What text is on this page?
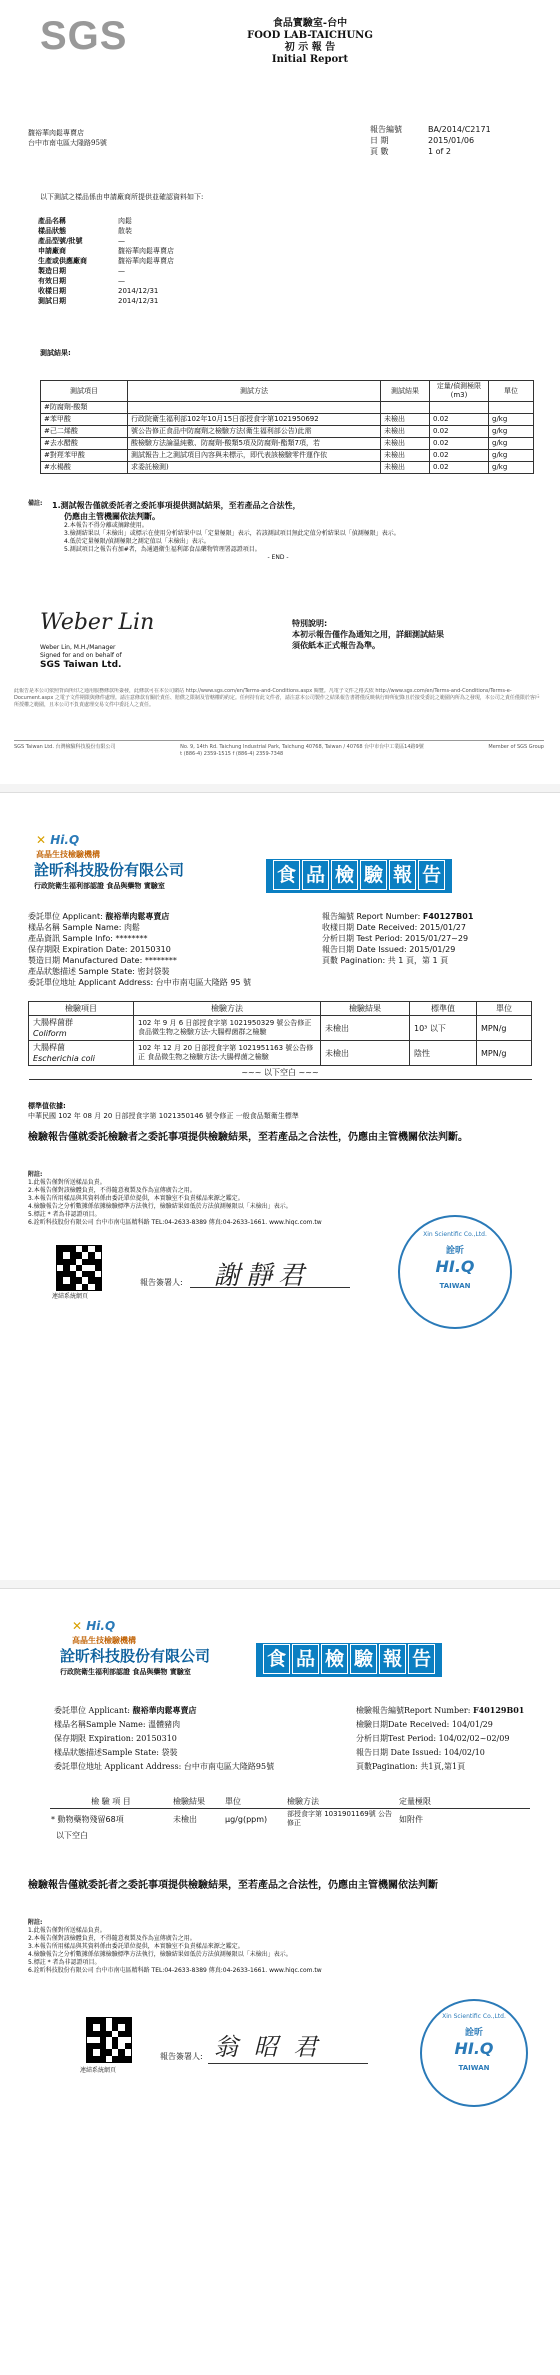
SGS	食品實驗室-台中
FOOD LAB-TAICHUNG
初 示 報 告
Initial Report
馥裕華肉鬆專賣店
台中市南屯區大隆路95號
報告編號	BA/2014/C2171
日 期	2015/01/06
頁 數	1 of 2
以下測試之樣品係由申請廠商所提供並確認資料如下:
產品名稱	肉鬆
樣品狀態	散裝
產品型號/批號	—
申請廠商	馥裕華肉鬆專賣店
生產或供應廠商	馥裕華肉鬆專賣店
製造日期	—
有效日期	—
收樣日期	2014/12/31
測試日期	2014/12/31
測試結果:
測試項目	測試方法	測試結果	定量/偵測極限(m3)	單位
#防腐劑-酸類				
#苯甲酸	行政院衛生福利部102年10月15日部授食字第1021950692	未檢出	0.02	g/kg
#己二烯酸	號公告修正食品中防腐劑之檢驗方法(衛生福利部公告)此需	未檢出	0.02	g/kg
#去水醋酸	酸檢驗方法論溫純數、防腐劑-酸類5項及防腐劑-酯類7項，若	未檢出	0.02	g/kg
#對羥苯甲酸	測試報告上之測試項目內容與未標示，即代表該檢驗零件運作依	未檢出	0.02	g/kg
#水楊酸	求委託檢測)	未檢出	0.02	g/kg
備註:	1.測試報告僅就委託者之委託事項提供測試結果，至若產品之合法性，
仍應由主管機關依法判斷。
2.本報告不得分離或摘錄使用。
3.檢測結果以「未檢出」或標示在使用分析結果中以「定量極限」表示，若該測試項目無此定值分析結果以「偵測極限」表示。
4.低於定量極限/偵測極限之測定值以「未檢出」表示。
5.測試項目之報告有加#者，為通過衛生福利部食品藥物管理署認證項目。
- END -
Weber Lin
Weber Lin, M.H./Manager
Signed for and on behalf of
SGS Taiwan Ltd.
特別說明:
本初示報告僅作為通知之用，詳細測試結果
須依紙本正式報告為準。
此報告是本公司依照背面所印之通用服務條款所簽發，此條款可在本公司網站 http://www.sgs.com/en/Terms-and-Conditions.aspx 閱覽。凡電子文件之格式依 http://www.sgs.com/en/Terms-and-Conditions/Terms-e-Document.aspx 之電子文件期限與條件處理。請注意條款有關於責任、賠償之限制及管轄權的約定。任何持有此文件者，請注意本公司製作之結果報告書將僅反映執行時所紀錄且於接受委託之範圍內所為之發現，本公司之責任僅限於客戶所授權之範圍，且本公司不負責處理交易文件中委託人之責任。
SGS Taiwan Ltd. 台灣檢驗科技股份有限公司	No. 9, 14th Rd. Taichung Industrial Park, Taichung 40768, Taiwan / 40768 台中市台中工業區14路9號
t (886-4) 2359-1515 f (886-4) 2359-7348
Member of SGS Group
✕ Hi.Q
高晶生技檢驗機構
詮昕科技股份有限公司
行政院衛生福利部認證 食品與藥物 實驗室	食 品 檢 驗 報 告
委託單位 Applicant: 馥裕華肉鬆專賣店
樣品名稱 Sample Name: 肉鬆
產品資訊 Sample Info: ********
保存期限 Expiration Date: 20150310
製造日期 Manufactured Date: ********
產品狀態描述 Sample State: 密封袋裝
委託單位地址 Applicant Address: 台中市南屯區大隆路 95 號
報告編號 Report Number: F40127B01
收樣日期 Date Received: 2015/01/27
分析日期 Test Period: 2015/01/27~29
報告日期 Date Issued: 2015/01/29
頁數 Pagination: 共 1 頁，第 1 頁
檢驗項目	檢驗方法	檢驗結果	標準值	單位
大腸桿菌群
Coliform	102 年 9 月 6 日部授食字第 1021950329 號公告修正 食品微生物之檢驗方法-大腸桿菌群之檢驗	未檢出	10³ 以下	MPN/g
大腸桿菌
Escherichia coli	102 年 12 月 20 日部授食字第 1021951163 號公告修正 食品微生物之檢驗方法-大腸桿菌之檢驗	未檢出	陰性	MPN/g
~~~ 以下空白 ~~~				
標準值依據:
中華民國 102 年 08 月 20 日部授食字第 1021350146 號令修正 一般食品類衛生標準
檢驗報告僅就委託檢驗者之委託事項提供檢驗結果，至若產品之合法性，仍應由主管機關依法判斷。
附註:
1.此報告僅對所送樣品負責。
2.本報告僅對該檢體負責，不得隨意複製及作為宣傳廣告之用。
3.本報告所用樣品與其資料係由委託單位提供，本實驗室不負責樣品來源之鑑定。
4.檢驗報告之分析數據係依據檢驗標準方法執行，檢驗結果如低於方法偵測極限以「未檢出」表示。
5.標註 * 者為非認證項目。
6.詮昕科技股份有限公司 台中市南屯區精科路 TEL:04-2633-8389 傳真:04-2633-1661. www.hiqc.com.tw
連結系統網頁
報告簽署人: 謝靜君
Xin Scientific Co.,Ltd.
詮昕
HI.Q
TAIWAN
✕ Hi.Q
高晶生技檢驗機構
詮昕科技股份有限公司
行政院衛生福利部認證 食品與藥物 實驗室
食 品 檢 驗 報 告
委託單位 Applicant: 馥裕華肉鬆專賣店
樣品名稱Sample Name: 溫體豬肉
保存期限 Expiration: 20150310
樣品狀態描述Sample State: 袋裝
委託單位地址 Applicant Address: 台中市南屯區大隆路95號
檢驗報告編號Report Number: F40129B01
檢驗日期Date Received: 104/01/29
分析日期Test Period: 104/02/02~02/09
報告日期 Date Issued: 104/02/10
頁數Pagination: 共1頁,第1頁
檢 驗 項 目	檢驗結果	單位	檢驗方法	定量極限
* 動物藥物殘留68項	未檢出	μg/g(ppm)	部授食字第 1031901169號 公告修正	如附件
以下空白				
檢驗報告僅就委託者之委託事項提供檢驗結果，至若產品之合法性，仍應由主管機關依法判斷
附註:
1.此報告僅對所送樣品負責。
2.本報告僅對該檢體負責，不得隨意複製及作為宣傳廣告之用。
3.本報告所用樣品與其資料係由委託單位提供，本實驗室不負責樣品來源之鑑定。
4.檢驗報告之分析數據係依據檢驗標準方法執行，檢驗結果如低於方法偵測極限以「未檢出」表示。
5.標註 * 者為非認證項目。
6.詮昕科技股份有限公司 台中市南屯區精科路 TEL:04-2633-8389 傳真:04-2633-1661. www.hiqc.com.tw
連結系統網頁
報告簽署人: 翁 昭 君
Xin Scientific Co.,Ltd.
詮昕
HI.Q
TAIWAN
